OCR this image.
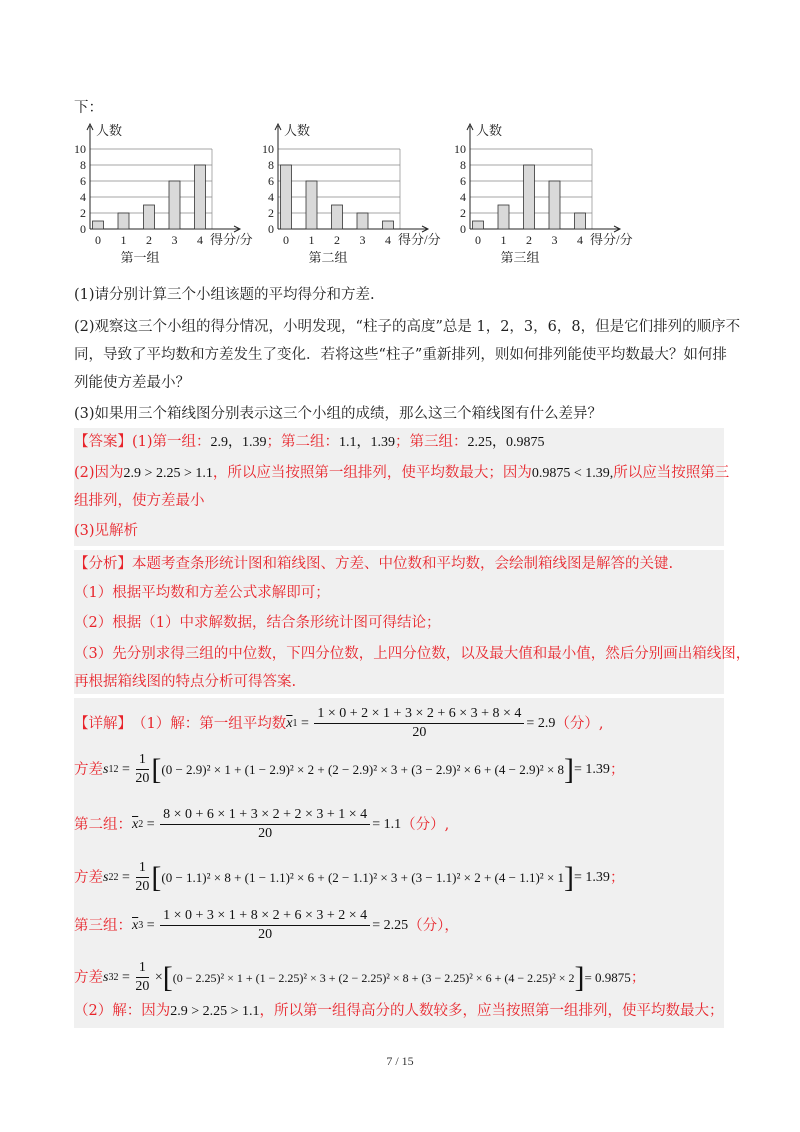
下：
0
2
4
6
8
10
人数
0 1 2 3 4 得分/分
第一组
0
2
4
6
8
10
人数
0 1 2 3 4 得分/分
第二组
0
2
4
6
8
10
人数
0 1 2 3 4 得分/分
第三组
(1)请分别计算三个小组该题的平均得分和方差.
(2)观察这三个小组的得分情况，小明发现，“柱子的高度”总是 1，2，3，6，8，但是它们排列的顺序不
同，导致了平均数和方差发生了变化．若将这些“柱子”重新排列，则如何排列能使平均数最大？如何排
列能使方差最小？
(3)如果用三个箱线图分别表示这三个小组的成绩，那么这三个箱线图有什么差异？
【答案】(1)第一组：2.9，1.39；第二组：1.1，1.39；第三组：2.25，0.9875
(2)因为2.9 > 2.25 > 1.1，所以应当按照第一组排列，使平均数最大；因为0.9875 < 1.39,所以应当按照第三
组排列，使方差最小
(3)见解析
【分析】本题考查条形统计图和箱线图、方差、中位数和平均数，会绘制箱线图是解答的关键.
（1）根据平均数和方差公式求解即可；
（2）根据（1）中求解数据，结合条形统计图可得结论；
（3）先分别求得三组的中位数，下四分位数，上四分位数，以及最大值和最小值，然后分别画出箱线图，
再根据箱线图的特点分析可得答案.
【详解】 （1）解：第一组平均数 $\overline{x}$ $1 = \frac{1 \times 0 + 2 \times 1 + 3 \times 2 + 6 \times 3 + 8 \times 4}{20} = 2.9$ （分）,
方差 s 1 $2 = \frac{1}{20}$ [ (0 − 2.9)² × 1 + (1 − 2.9)² × 2 + (2 − 2.9)² × 3 + (3 − 2.9)² × 6 + (4 − 2.9)² × 8 ] = 1.39 ；
第二组： $\overline{x}$ $2 = \frac{8 \times 0 + 6 \times 1 + 3 \times 2 + 2 \times 3 + 1 \times 4}{20} = 1.1$ （分）,
方差 s 2 $2 = \frac{1}{20}$ [ (0 − 1.1)² × 8 + (1 − 1.1)² × 6 + (2 − 1.1)² × 3 + (3 − 1.1)² × 2 + (4 − 1.1)² × 1 ] = 1.39 ；
第三组： $\overline{x}$ $3 = \frac{1 \times 0 + 3 \times 1 + 8 \times 2 + 6 \times 3 + 2 \times 4}{20} = 2.25$ （分），
方差 s 3 $2 = \frac{1}{20}$ × [ (0 − 2.25)² × 1 + (1 − 2.25)² × 3 + (2 − 2.25)² × 8 + (3 − 2.25)² × 6 + (4 − 2.25)² × 2 ] = 0.9875 ；
（2）解：因为2.9 > 2.25 > 1.1，所以第一组得高分的人数较多，应当按照第一组排列，使平均数最大；
7 / 15
